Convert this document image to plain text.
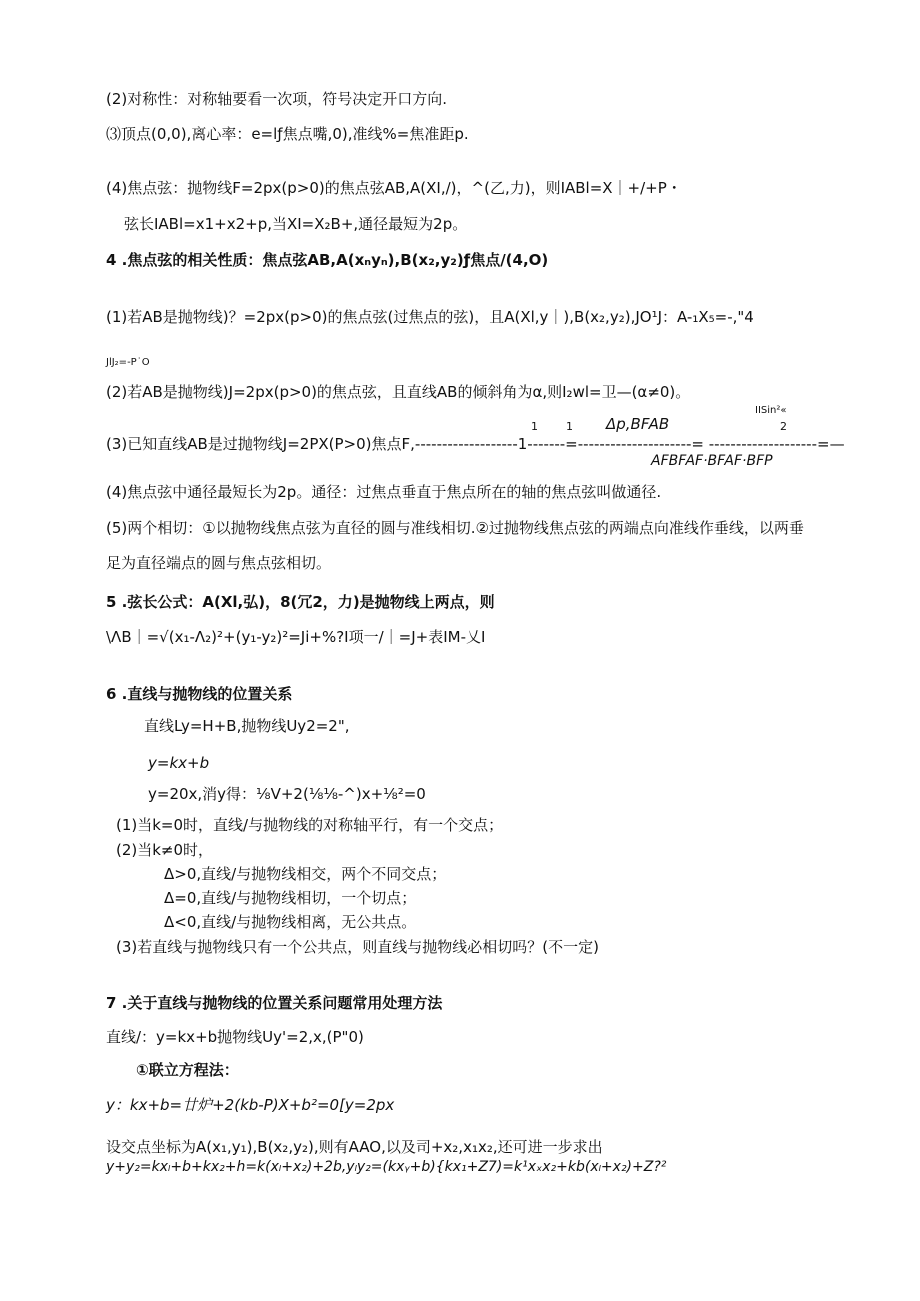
(2)对称性：对称轴要看一次项，符号决定开口方向.
⑶顶点(0,0),离心率：e=lƒ焦点嘴,0),准线%=焦准距p.
(4)焦点弦：抛物线F=2px(p>0)的焦点弦AB,A(XI,/)，^(乙,力)，则IABl=X｜+/+P・
弦长IABl=x1+x2+p,当XI=X₂B+,通径最短为2p。
4 .焦点弦的相关性质：焦点弦AB,A(xₙyₙ),B(x₂,y₂)ƒ焦点/(4,O)
(1)若AB是抛物线)？=2px(p>0)的焦点弦(过焦点的弦)，且A(Xl,y｜),B(x₂,y₂),JO¹J：A-₁X₅=-,"4
JlJ₂=-P˙O
(2)若AB是抛物线)J=2px(p>0)的焦点弦，且直线AB的倾斜角为α,则I₂wl=卫—(α≠0)。
1	1 Δp,BFAB
IISin²«
2
(3)已知直线AB是过抛物线J=2PX(P>0)焦点F,-------------------1-------=---------------------= --------------------=—
AFBFAF·BFAF·BFP
(4)焦点弦中通径最短长为2p。通径：过焦点垂直于焦点所在的轴的焦点弦叫做通径.
(5)两个相切：①以抛物线焦点弦为直径的圆与准线相切.②过抛物线焦点弦的两端点向准线作垂线，以两垂
足为直径端点的圆与焦点弦相切。
5 .弦长公式：A(Xl,弘)，8(冗2，力)是抛物线上两点，则
\ΛB｜=√(x₁-Λ₂)²+(y₁-y₂)²=Ji+%?I项一/｜=J+表IM-乂I
6 .直线与抛物线的位置关系
直线Ly=H+B,抛物线Uy2=2",
y=kx+b
y=20x,消y得：⅛V+2(⅛⅛-^)x+⅛²=0
(1)当k=0时，直线/与抛物线的对称轴平行，有一个交点；
(2)当k≠0时，
Δ>0,直线/与抛物线相交，两个不同交点；
Δ=0,直线/与抛物线相切，一个切点；
Δ<0,直线/与抛物线相离，无公共点。
(3)若直线与抛物线只有一个公共点，则直线与抛物线必相切吗？(不一定)
7 .关于直线与抛物线的位置关系问题常用处理方法
直线/：y=kx+b抛物线Uy'=2,x,(P"0)
①联立方程法：
y：kx+b=廿炉+2(kb-P)X+b²=0[y=2px
设交点坐标为A(x₁,y₁),B(x₂,y₂),则有AAO,以及司+x₂,x₁x₂,还可进一步求出
y+y₂=kxₗ+b+kx₂+h=k(xₗ+x₂)+2b,yₗy₂=(kxᵧ+b){kx₁+Z7)=k¹xₓx₂+kb(xₗ+x₂)+Z?²
